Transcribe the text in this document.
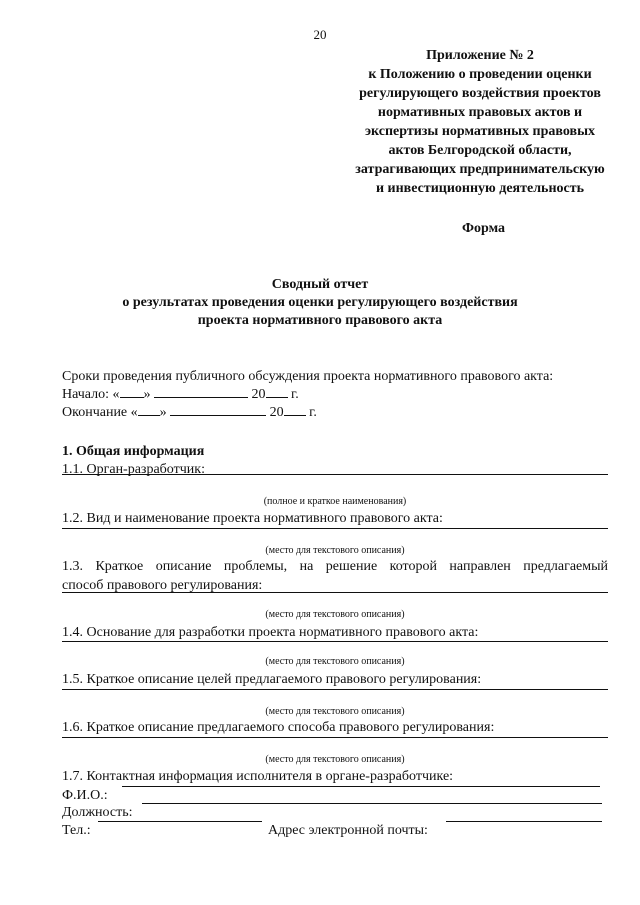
20
Приложение № 2
к Положению о проведении оценки
регулирующего воздействия проектов
нормативных правовых актов и
экспертизы нормативных правовых
актов Белгородской области,
затрагивающих предпринимательскую
и инвестиционную деятельность
Форма
Сводный отчет
о результатах проведения оценки регулирующего воздействия
проекта нормативного правового акта
Сроки проведения публичного обсуждения проекта нормативного правового акта:
Начало: « »	20 г.
Окончание « »	20 г.
1. Общая информация
1.1. Орган-разработчик:
(полное и краткое наименования)
1.2. Вид и наименование проекта нормативного правового акта:
(место для текстового описания)
1.3. Краткое описание проблемы, на решение которой направлен предлагаемый
способ правового регулирования:
(место для текстового описания)
1.4. Основание для разработки проекта нормативного правового акта:
(место для текстового описания)
1.5. Краткое описание целей предлагаемого правового регулирования:
(место для текстового описания)
1.6. Краткое описание предлагаемого способа правового регулирования:
(место для текстового описания)
1.7. Контактная информация исполнителя в органе-разработчике:
Ф.И.О.:
Должность:
Тел.:	Адрес электронной почты:
